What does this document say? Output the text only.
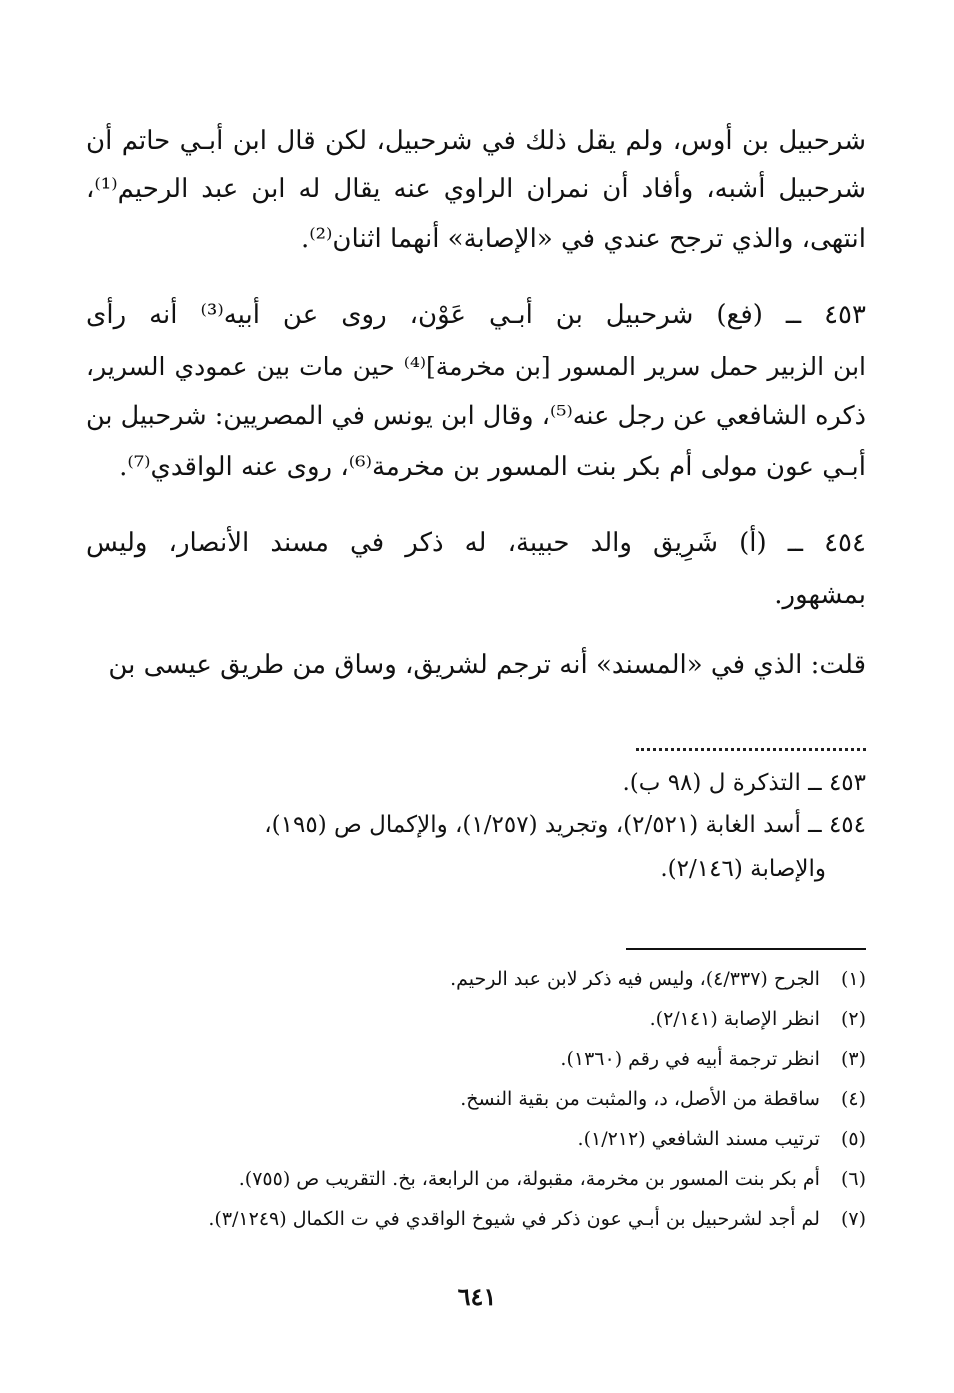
شرحبيل بن أوس، ولم يقل ذلك في شرحبيل، لكن قال ابن أبـي حاتم أن
شرحبيل أشبه، وأفاد أن نمران الراوي عنه يقال له ابن عبد الرحيم⁽¹⁾،
انتهى، والذي ترجح عندي في «الإصابة» أنهما اثنان⁽²⁾.
٤٥٣ ــ (فع) شرحبيل بن أبـي عَوْن، روى عن أبيه⁽³⁾ أنه رأى
ابن الزبير حمل سرير المسور [بن مخرمة]⁽⁴⁾ حين مات بين عمودي السرير،
ذكره الشافعي عن رجل عنه⁽⁵⁾، وقال ابن يونس في المصريين: شرحبيل بن
أبـي عون مولى أم بكر بنت المسور بن مخرمة⁽⁶⁾، روى عنه الواقدي⁽⁷⁾.
٤٥٤ ــ (أ) شَرِيق والد حبيبة، له ذكر في مسند الأنصار، وليس
بمشهور.
قلت: الذي في «المسند» أنه ترجم لشريق، وساق من طريق عيسى بن
٤٥٣ ــ التذكرة ل (٩٨ ب).
٤٥٤ ــ أسد الغابة (٢/٥٢١)، وتجريد (١/٢٥٧)، والإكمال ص (١٩٥)،
والإصابة (٢/١٤٦).
(١) الجرح (٤/٣٣٧)، وليس فيه ذكر لابن عبد الرحيم.
(٢) انظر الإصابة (٢/١٤١).
(٣) انظر ترجمة أبيه في رقم (١٣٦٠).
(٤) ساقطة من الأصل، د، والمثبت من بقية النسخ.
(٥) ترتيب مسند الشافعي (١/٢١٢).
(٦) أم بكر بنت المسور بن مخرمة، مقبولة، من الرابعة، بخ. التقريب ص (٧٥٥).
(٧) لم أجد لشرحبيل بن أبـي عون ذكر في شيوخ الواقدي في ت الكمال (٣/١٢٤٩).
٦٤١
